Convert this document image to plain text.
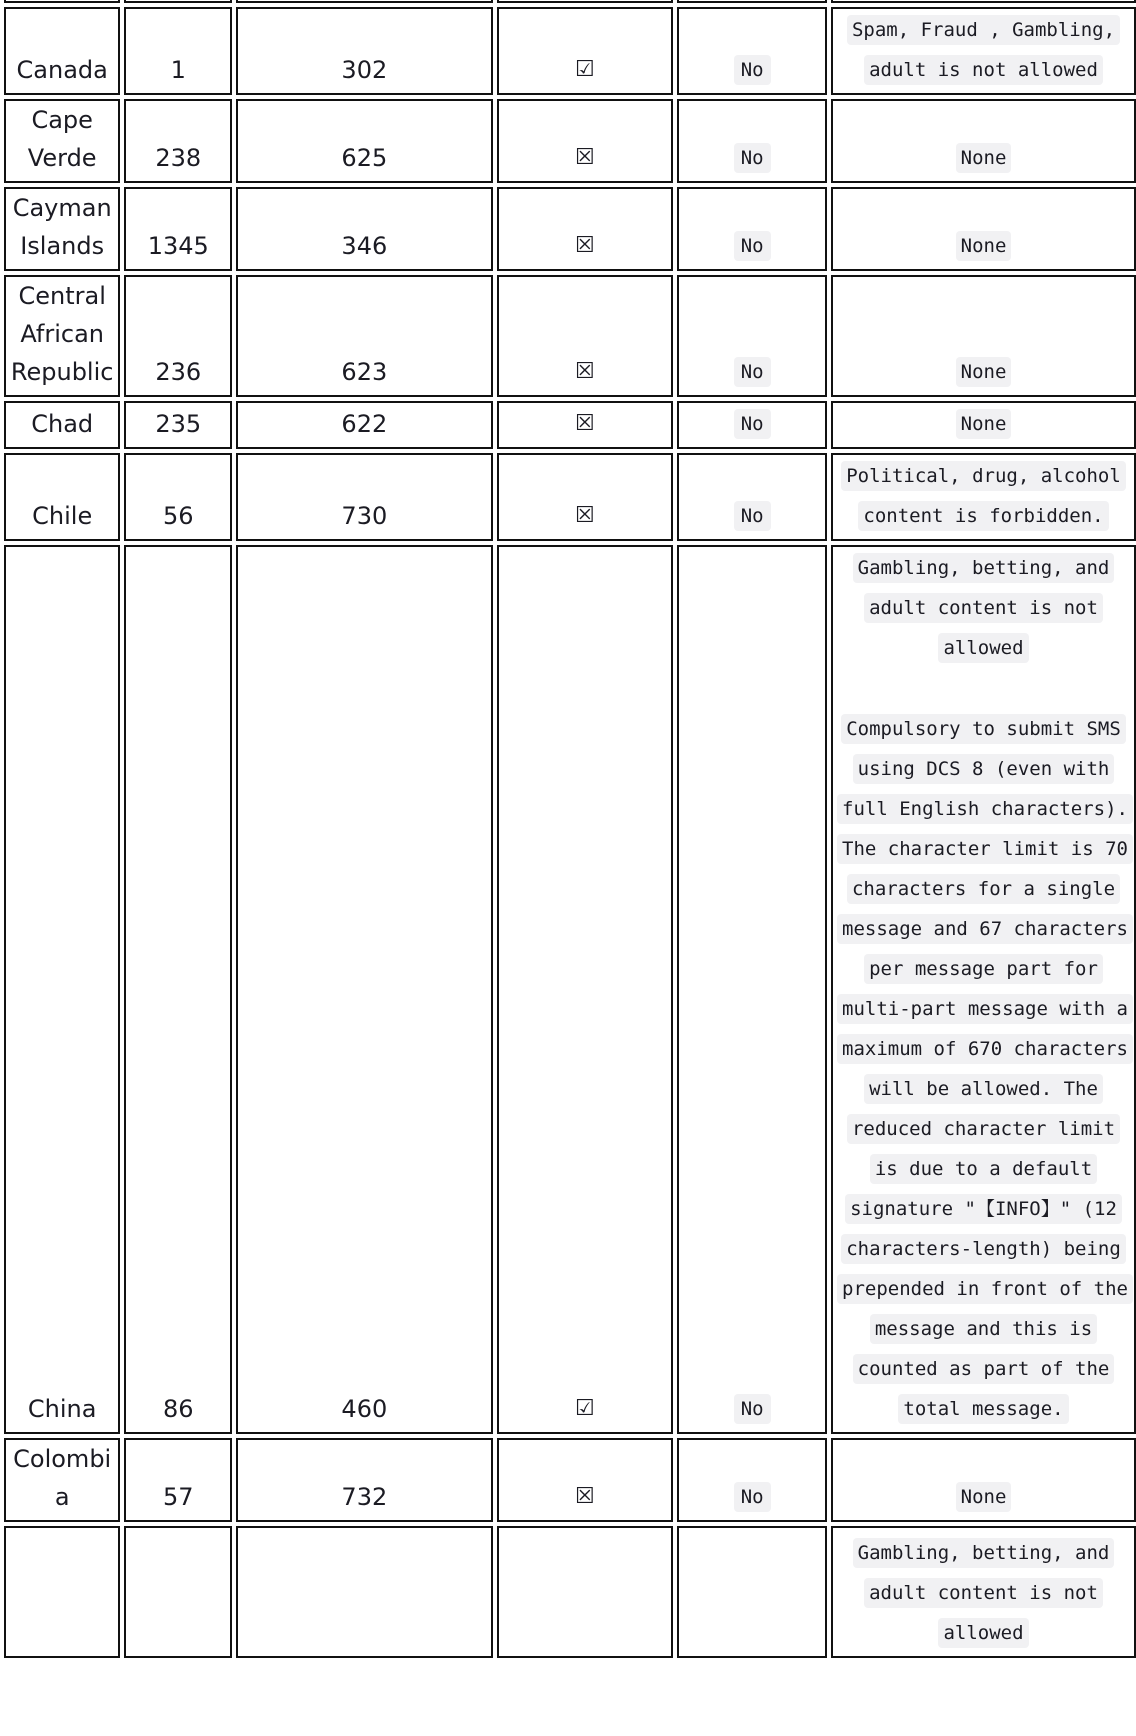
Canada	1	302	☑	No	Spam, Fraud , Gambling, adult is not allowed

Cape Verde	238	625	☒	No	None

Cayman Islands	1345	346	☒	No	None

Central African Republic	236	623	☒	No	None

Chad	235	622	☒	No	None

Chile	56	730	☒	No	Political, drug, alcohol content is forbidden.

China	86	460	☑	No	Gambling, betting, and adult content is not allowed
Compulsory to submit SMS using DCS 8 (even with full English characters). The character limit is 70 characters for a single message and 67 characters per message part for multi-part message with a maximum of 670 characters will be allowed. The reduced character limit is due to a default signature "【INFO】" (12 characters-length) being prepended in front of the message and this is counted as part of the total message.

Colombia	57	732	☒	No	None

					Gambling, betting, and adult content is not allowed
